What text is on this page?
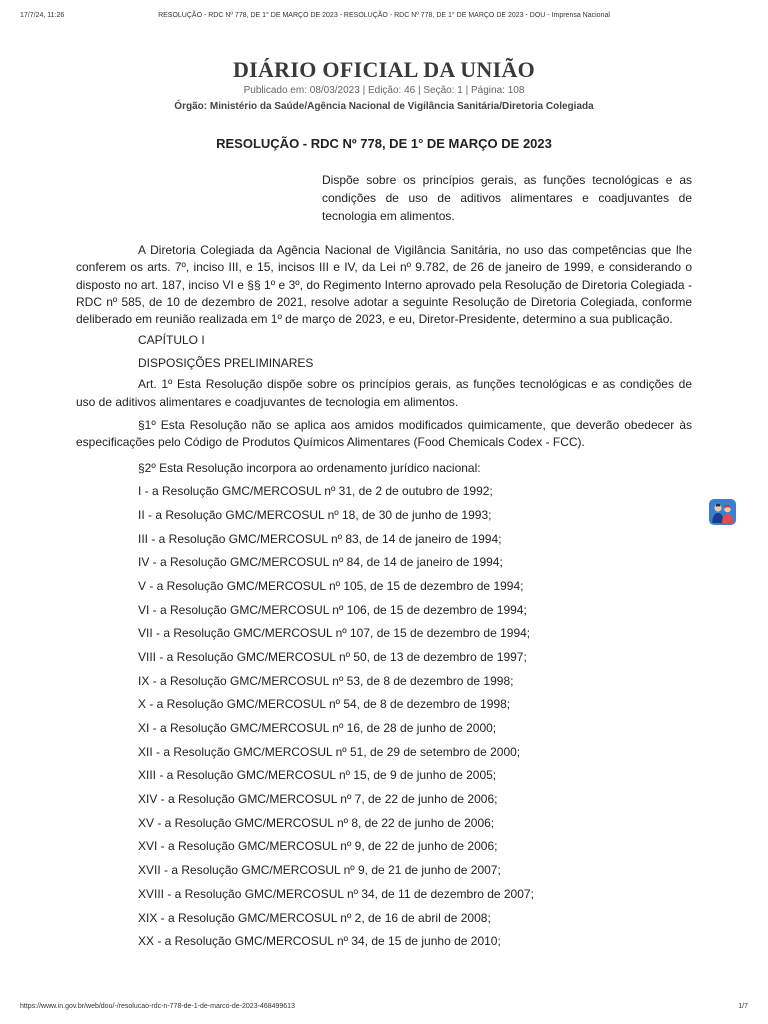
17/7/24, 11:26	RESOLUÇÃO - RDC Nº 778, DE 1° DE MARÇO DE 2023 - RESOLUÇÃO - RDC Nº 778, DE 1° DE MARÇO DE 2023 - DOU - Imprensa Nacional
DIÁRIO OFICIAL DA UNIÃO
Publicado em: 08/03/2023 | Edição: 46 | Seção: 1 | Página: 108
Órgão: Ministério da Saúde/Agência Nacional de Vigilância Sanitária/Diretoria Colegiada
RESOLUÇÃO - RDC Nº 778, DE 1° DE MARÇO DE 2023
Dispõe sobre os princípios gerais, as funções tecnológicas e as condições de uso de aditivos alimentares e coadjuvantes de tecnologia em alimentos.

A Diretoria Colegiada da Agência Nacional de Vigilância Sanitária, no uso das competências que lhe conferem os arts. 7º, inciso III, e 15, incisos III e IV, da Lei nº 9.782, de 26 de janeiro de 1999, e considerando o disposto no art. 187, inciso VI e §§ 1º e 3º, do Regimento Interno aprovado pela Resolução de Diretoria Colegiada - RDC nº 585, de 10 de dezembro de 2021, resolve adotar a seguinte Resolução de Diretoria Colegiada, conforme deliberado em reunião realizada em 1º de março de 2023, e eu, Diretor-Presidente, determino a sua publicação.

CAPÍTULO I

DISPOSIÇÕES PRELIMINARES

Art. 1º Esta Resolução dispõe sobre os princípios gerais, as funções tecnológicas e as condições de uso de aditivos alimentares e coadjuvantes de tecnologia em alimentos.

§1º Esta Resolução não se aplica aos amidos modificados quimicamente, que deverão obedecer às especificações pelo Código de Produtos Químicos Alimentares (Food Chemicals Codex - FCC).

§2º Esta Resolução incorpora ao ordenamento jurídico nacional:
I - a Resolução GMC/MERCOSUL nº 31, de 2 de outubro de 1992;
II - a Resolução GMC/MERCOSUL nº 18, de 30 de junho de 1993;
III - a Resolução GMC/MERCOSUL nº 83, de 14 de janeiro de 1994;
IV - a Resolução GMC/MERCOSUL nº 84, de 14 de janeiro de 1994;
V - a Resolução GMC/MERCOSUL nº 105, de 15 de dezembro de 1994;
VI - a Resolução GMC/MERCOSUL nº 106, de 15 de dezembro de 1994;
VII - a Resolução GMC/MERCOSUL nº 107, de 15 de dezembro de 1994;
VIII - a Resolução GMC/MERCOSUL nº 50, de 13 de dezembro de 1997;
IX - a Resolução GMC/MERCOSUL nº 53, de 8 de dezembro de 1998;
X - a Resolução GMC/MERCOSUL nº 54, de 8 de dezembro de 1998;
XI - a Resolução GMC/MERCOSUL nº 16, de 28 de junho de 2000;
XII - a Resolução GMC/MERCOSUL nº 51, de 29 de setembro de 2000;
XIII - a Resolução GMC/MERCOSUL nº 15, de 9 de junho de 2005;
XIV - a Resolução GMC/MERCOSUL nº 7, de 22 de junho de 2006;
XV - a Resolução GMC/MERCOSUL nº 8, de 22 de junho de 2006;
XVI - a Resolução GMC/MERCOSUL nº 9, de 22 de junho de 2006;
XVII - a Resolução GMC/MERCOSUL nº 9, de 21 de junho de 2007;
XVIII - a Resolução GMC/MERCOSUL nº 34, de 11 de dezembro de 2007;
XIX - a Resolução GMC/MERCOSUL nº 2, de 16 de abril de 2008;
XX - a Resolução GMC/MERCOSUL nº 34, de 15 de junho de 2010;
https://www.in.gov.br/web/dou/-/resolucao-rdc-n-778-de-1-de-marco-de-2023-468499613	1/7
